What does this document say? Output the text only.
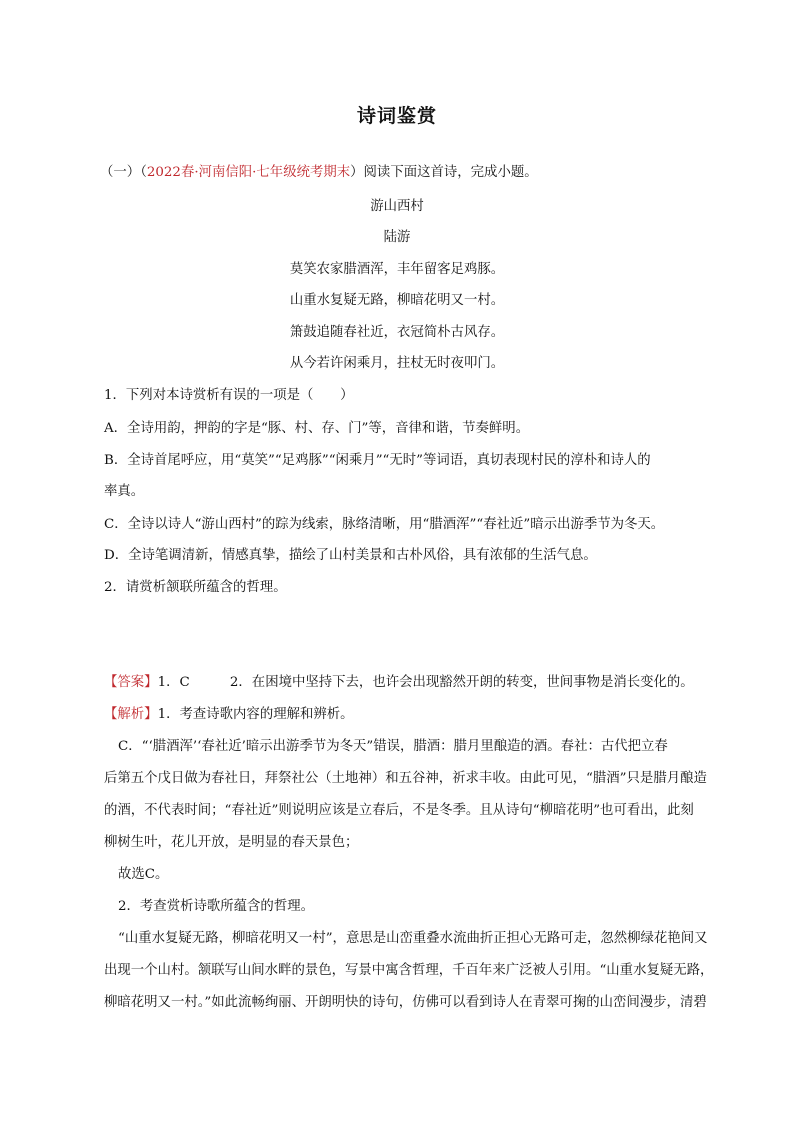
诗词鉴赏
（一）（2022春·河南信阳·七年级统考期末）阅读下面这首诗，完成小题。
游山西村
陆游
莫笑农家腊酒浑，丰年留客足鸡豚。
山重水复疑无路，柳暗花明又一村。
箫鼓追随春社近，衣冠简朴古风存。
从今若许闲乘月，拄杖无时夜叩门。
1．下列对本诗赏析有误的一项是（　　）
A．全诗用韵，押韵的字是“豚、村、存、门”等，音律和谐，节奏鲜明。
B．全诗首尾呼应，用“莫笑”“足鸡豚”“闲乘月”“无时”等词语，真切表现村民的淳朴和诗人的
率真。
C．全诗以诗人“游山西村”的踪为线索，脉络清晰，用“腊酒浑”“春社近”暗示出游季节为冬天。
D．全诗笔调清新，情感真挚，描绘了山村美景和古朴风俗，具有浓郁的生活气息。
2．请赏析颔联所蕴含的哲理。
【答案】1．C　　　2．在困境中坚持下去，也许会出现豁然开朗的转变，世间事物是消长变化的。
【解析】1．考查诗歌内容的理解和辨析。
C．“‘腊酒浑’‘春社近’暗示出游季节为冬天”错误，腊酒：腊月里酿造的酒。春社：古代把立春
后第五个戊日做为春社日，拜祭社公（土地神）和五谷神，祈求丰收。由此可见，“腊酒”只是腊月酿造
的酒，不代表时间；“春社近”则说明应该是立春后，不是冬季。且从诗句“柳暗花明”也可看出，此刻
柳树生叶，花儿开放，是明显的春天景色；
故选C。
2．考查赏析诗歌所蕴含的哲理。
“山重水复疑无路，柳暗花明又一村”，意思是山峦重叠水流曲折正担心无路可走，忽然柳绿花艳间又
出现一个山村。颔联写山间水畔的景色，写景中寓含哲理，千百年来广泛被人引用。“山重水复疑无路，
柳暗花明又一村。”如此流畅绚丽、开朗明快的诗句，仿佛可以看到诗人在青翠可掬的山峦间漫步，清碧
